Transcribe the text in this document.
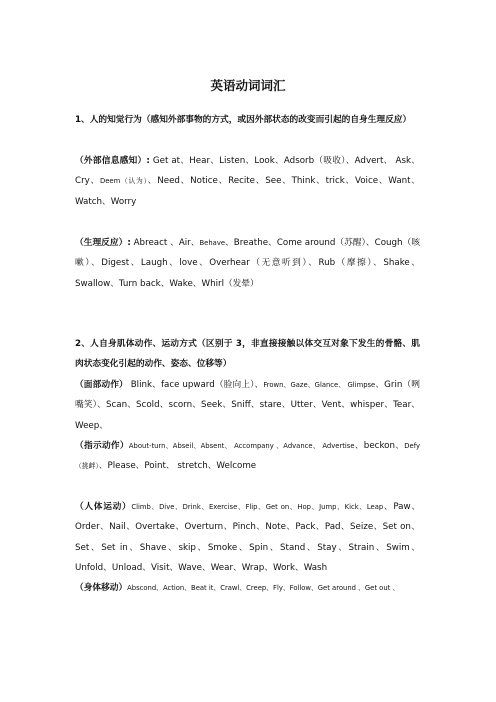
英语动词词汇

1、人的知觉行为（感知外部事物的方式，或因外部状态的改变而引起的自身生理反应）

（外部信息感知）: Get at、Hear、Listen、Look、Adsorb（吸收）、Advert、 Ask、Cry、Deem（认为）、Need、Notice、Recite、See、Think、trick、Voice、Want、Watch、Worry

（生理反应）: Abreact 、Air、Behave、Breathe、Come around（苏醒）、Cough（咳嗽）、Digest、Laugh、love、Overhear（无意听到）、Rub（摩擦）、Shake、Swallow、Turn back、Wake、Whirl（发晕）

2、人自身肌体动作、运动方式（区别于 3，非直接接触以体交互对象下发生的骨骼、肌肉状态变化引起的动作、姿态、位移等）

（面部动作） Blink、face upward（脸向上）、Frown、Gaze、Glance、 Glimpse、Grin（咧嘴笑）、Scan、Scold、scorn、Seek、Sniff、stare、Utter、Vent、whisper、Tear、Weep、

（指示动作）About-turn、Abseil、Absent、 Accompany 、Advance、 Advertise、beckon、Defy（挑衅）、Please、Point、 stretch、Welcome

（人体运动）Climb、Dive、Drink、Exercise、Flip、Get on、Hop、Jump、Kick、Leap、Paw、Order、Nail、Overtake、Overturn、Pinch、Note、Pack、Pad、Seize、Set on、Set、Set in、Shave、skip、Smoke、Spin、Stand、Stay、Strain、Swim、Unfold、Unload、Visit、Wave、Wear、Wrap、Work、Wash

（身体移动）Abscond、Action、Beat it、Crawl、Creep、Fly、Follow、Get around 、Get out 、
